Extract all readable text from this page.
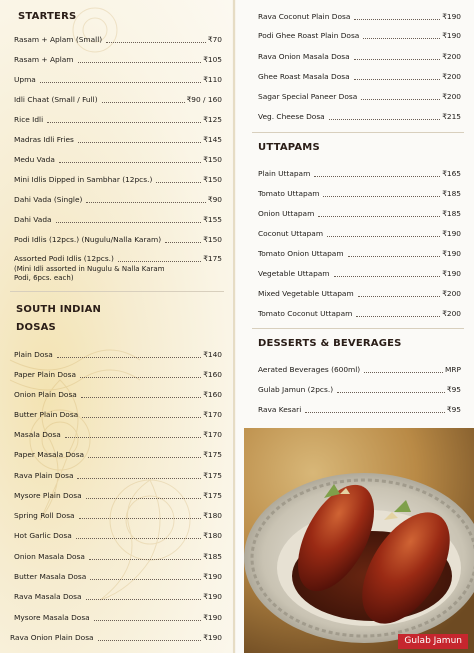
STARTERS
Rasam + Aplam (Small)	₹70
Rasam + Aplam	₹105
Upma	₹110
Idli Chaat (Small / Full)	₹90 / 160
Rice Idli	₹125
Madras Idli Fries	₹145
Medu Vada	₹150
Mini Idlis Dipped in Sambhar (12pcs.)	₹150
Dahi Vada (Single)	₹90
Dahi Vada	₹155
Podi Idlis (12pcs.) (Nugulu/Nalla Karam)	₹150
Assorted Podi Idlis (12pcs.)	₹175
(Mini Idli assorted in Nugulu & Nalla Karam
Podi, 6pcs. each)
SOUTH INDIAN
DOSAS
Plain Dosa	₹140
Paper Plain Dosa	₹160
Onion Plain Dosa	₹160
Butter Plain Dosa	₹170
Masala Dosa	₹170
Paper Masala Dosa	₹175
Rava Plain Dosa	₹175
Mysore Plain Dosa	₹175
Spring Roll Dosa	₹180
Hot Garlic Dosa	₹180
Onion Masala Dosa	₹185
Butter Masala Dosa	₹190
Rava Masala Dosa	₹190
Mysore Masala Dosa	₹190
Rava Onion Plain Dosa	₹190
Rava Coconut Plain Dosa	₹190
Podi Ghee Roast Plain Dosa	₹190
Rava Onion Masala Dosa	₹200
Ghee Roast Masala Dosa	₹200
Sagar Special Paneer Dosa	₹200
Veg. Cheese Dosa	₹215
UTTAPAMS
Plain Uttapam	₹165
Tomato Uttapam	₹185
Onion Uttapam	₹185
Coconut Uttapam	₹190
Tomato Onion Uttapam	₹190
Vegetable Uttapam	₹190
Mixed Vegetable Uttapam	₹200
Tomato Coconut Uttapam	₹200
DESSERTS & BEVERAGES
Aerated Beverages (600ml)	MRP
Gulab Jamun (2pcs.)	₹95
Rava Kesari	₹95
Gulab Jamun
